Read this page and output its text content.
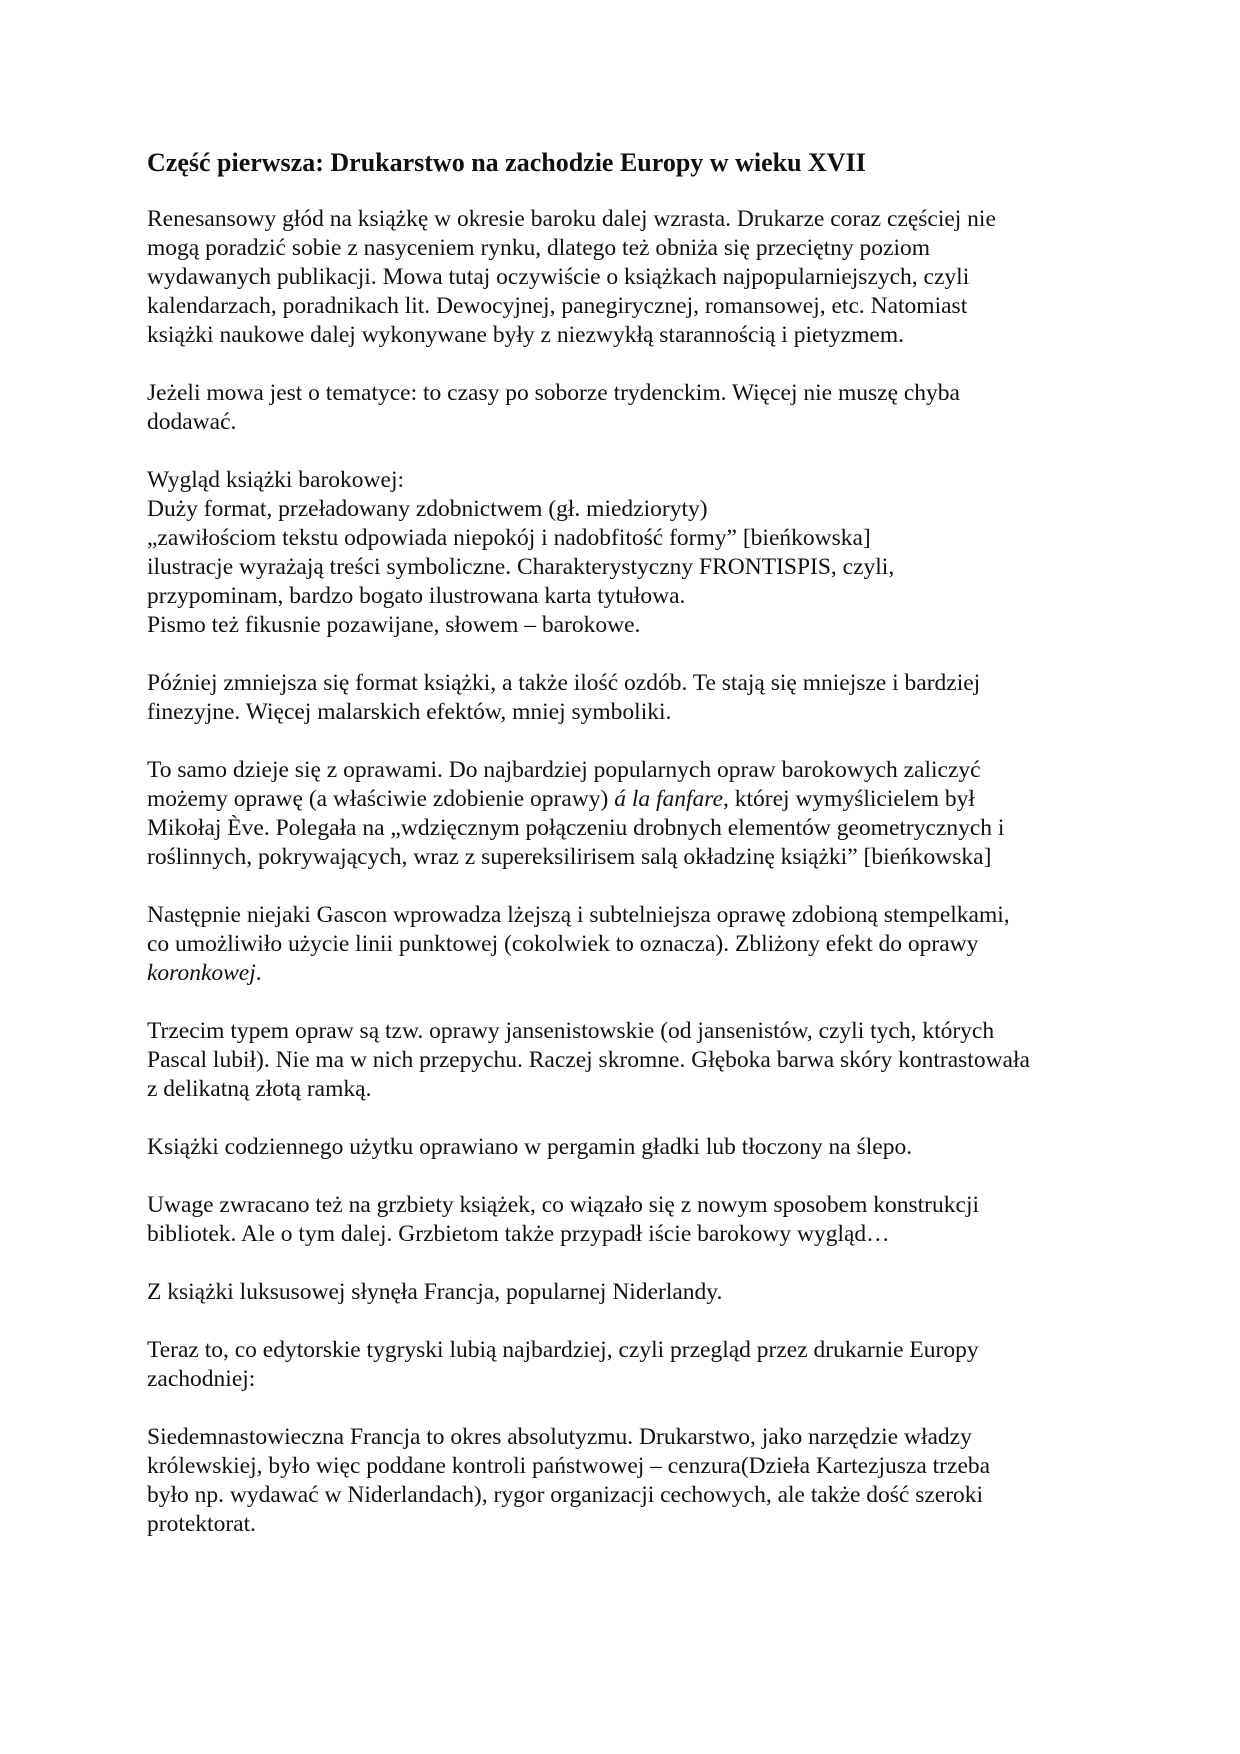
Część pierwsza: Drukarstwo na zachodzie Europy w wieku XVII

Renesansowy głód na książkę w okresie baroku dalej wzrasta. Drukarze coraz częściej nie
mogą poradzić sobie z nasyceniem rynku, dlatego też obniża się przeciętny poziom
wydawanych publikacji. Mowa tutaj oczywiście o książkach najpopularniejszych, czyli
kalendarzach, poradnikach lit. Dewocyjnej, panegirycznej, romansowej, etc. Natomiast
książki naukowe dalej wykonywane były z niezwykłą starannością i pietyzmem.

Jeżeli mowa jest o tematyce: to czasy po soborze trydenckim. Więcej nie muszę chyba
dodawać.

Wygląd książki barokowej:
Duży format, przeładowany zdobnictwem (gł. miedzioryty)
„zawiłościom tekstu odpowiada niepokój i nadobfitość formy” [bieńkowska]
ilustracje wyrażają treści symboliczne. Charakterystyczny FRONTISPIS, czyli,
przypominam, bardzo bogato ilustrowana karta tytułowa.
Pismo też fikusnie pozawijane, słowem – barokowe.

Później zmniejsza się format książki, a także ilość ozdób. Te stają się mniejsze i bardziej
finezyjne. Więcej malarskich efektów, mniej symboliki.

To samo dzieje się z oprawami. Do najbardziej popularnych opraw barokowych zaliczyć
możemy oprawę (a właściwie zdobienie oprawy) á la fanfare, której wymyślicielem był
Mikołaj Ève. Polegała na „wdzięcznym połączeniu drobnych elementów geometrycznych i
roślinnych, pokrywających, wraz z supereksilirisem salą okładzinę książki” [bieńkowska]

Następnie niejaki Gascon wprowadza lżejszą i subtelniejsza oprawę zdobioną stempelkami,
co umożliwiło użycie linii punktowej (cokolwiek to oznacza). Zbliżony efekt do oprawy
koronkowej.

Trzecim typem opraw są tzw. oprawy jansenistowskie (od jansenistów, czyli tych, których
Pascal lubił). Nie ma w nich przepychu. Raczej skromne. Głęboka barwa skóry kontrastowała
z delikatną złotą ramką.

Książki codziennego użytku oprawiano w pergamin gładki lub tłoczony na ślepo.

Uwage zwracano też na grzbiety książek, co wiązało się z nowym sposobem konstrukcji
bibliotek. Ale o tym dalej. Grzbietom także przypadł iście barokowy wygląd…

Z książki luksusowej słynęła Francja, popularnej Niderlandy.

Teraz to, co edytorskie tygryski lubią najbardziej, czyli przegląd przez drukarnie Europy
zachodniej:

Siedemnastowieczna Francja to okres absolutyzmu. Drukarstwo, jako narzędzie władzy
królewskiej, było więc poddane kontroli państwowej – cenzura(Dzieła Kartezjusza trzeba
było np. wydawać w Niderlandach), rygor organizacji cechowych, ale także dość szeroki
protektorat.
